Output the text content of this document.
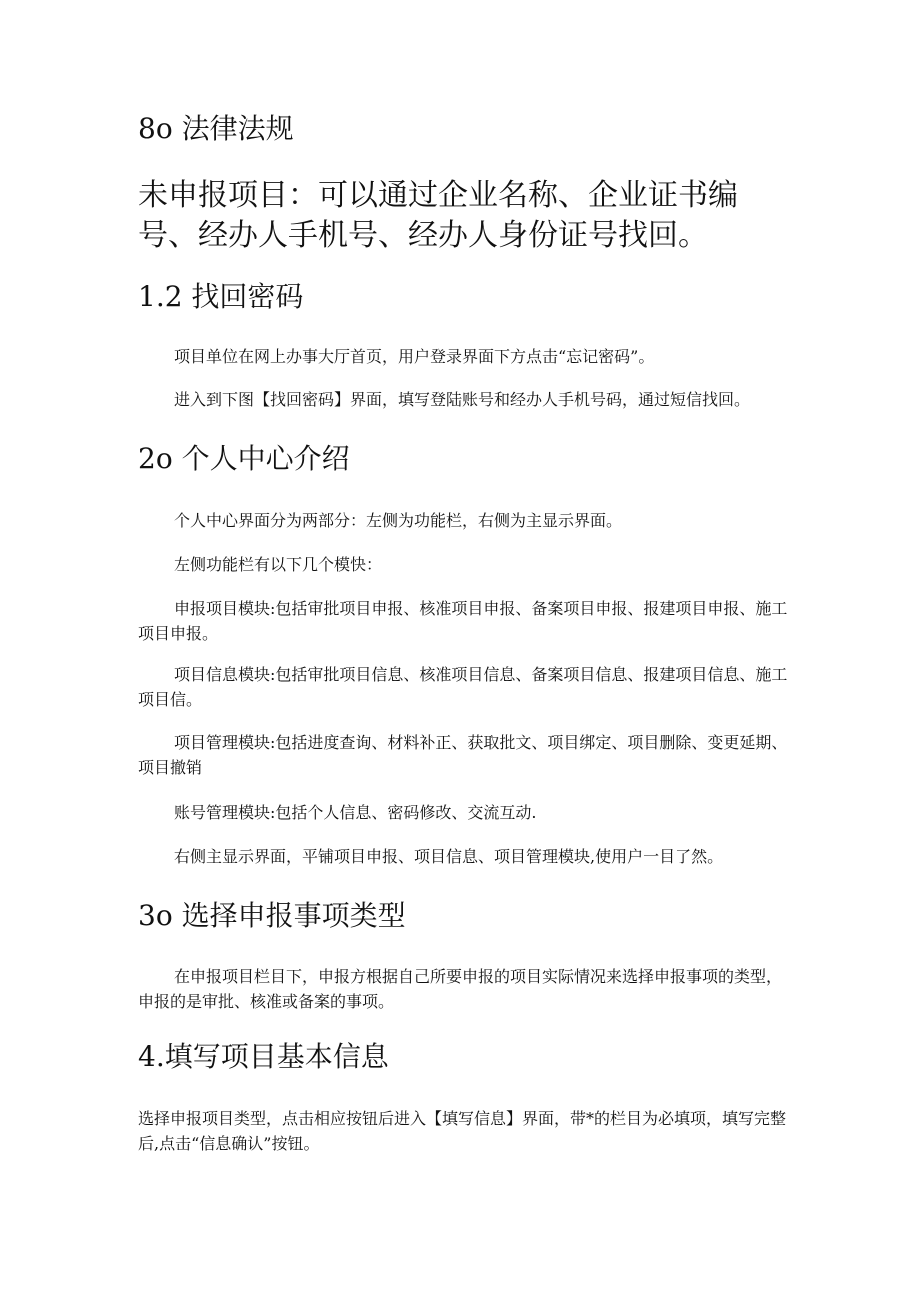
8o 法律法规

未申报项目：可以通过企业名称、企业证书编号、经办人手机号、经办人身份证号找回。

1.2 找回密码

项目单位在网上办事大厅首页，用户登录界面下方点击“忘记密码”。

进入到下图【找回密码】界面，填写登陆账号和经办人手机号码，通过短信找回。

2o 个人中心介绍

个人中心界面分为两部分：左侧为功能栏，右侧为主显示界面。

左侧功能栏有以下几个模快：

申报项目模块:包括审批项目申报、核准项目申报、备案项目申报、报建项目申报、施工项目申报。

项目信息模块:包括审批项目信息、核准项目信息、备案项目信息、报建项目信息、施工项目信。

项目管理模块:包括进度查询、材料补正、获取批文、项目绑定、项目删除、变更延期、项目撤销

账号管理模块:包括个人信息、密码修改、交流互动.

右侧主显示界面，平铺项目申报、项目信息、项目管理模块,使用户一目了然。

3o 选择申报事项类型

在申报项目栏目下，申报方根据自己所要申报的项目实际情况来选择申报事项的类型，申报的是审批、核准或备案的事项。

4.填写项目基本信息

选择申报项目类型，点击相应按钮后进入【填写信息】界面，带*的栏目为必填项，填写完整后,点击“信息确认”按钮。
